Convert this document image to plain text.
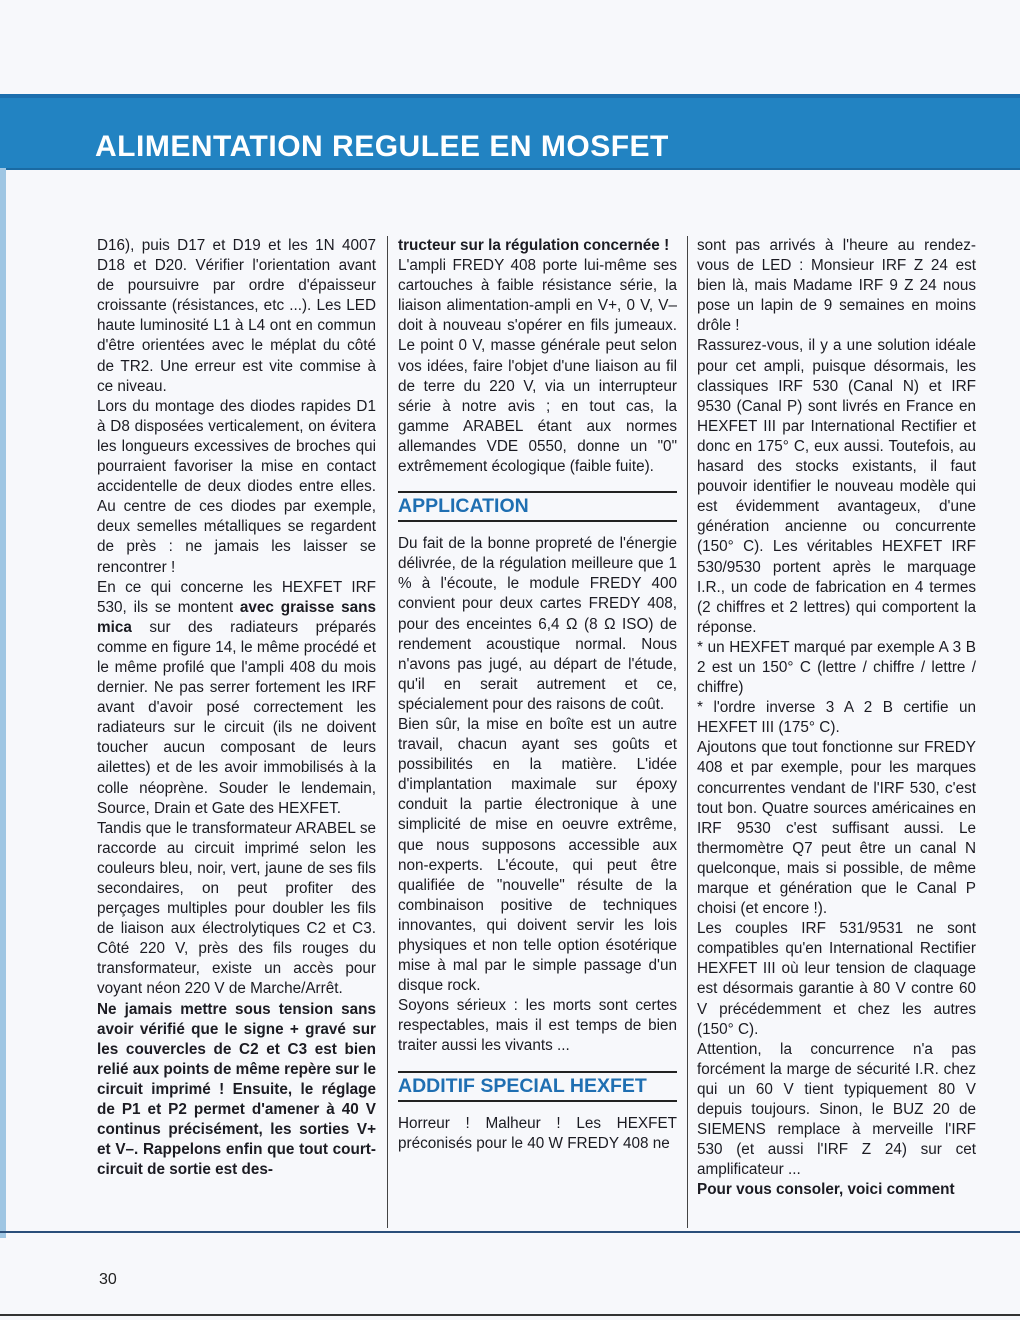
ALIMENTATION REGULEE EN MOSFET

D16), puis D17 et D19 et les 1N 4007 D18 et D20. Vérifier l'orientation avant de poursuivre par ordre d'épaisseur croissante (résistances, etc ...). Les LED haute luminosité L1 à L4 ont en commun d'être orientées avec le méplat du côté de TR2. Une erreur est vite commise à ce niveau.

Lors du montage des diodes rapides D1 à D8 disposées verticalement, on évitera les longueurs excessives de broches qui pourraient favoriser la mise en contact accidentelle de deux diodes entre elles. Au centre de ces diodes par exemple, deux semelles métalliques se regardent de près : ne jamais les laisser se rencontrer !

En ce qui concerne les HEXFET IRF 530, ils se montent avec graisse sans mica sur des radiateurs préparés comme en figure 14, le même procédé et le même profilé que l'ampli 408 du mois dernier. Ne pas serrer fortement les IRF avant d'avoir posé correctement les radiateurs sur le circuit (ils ne doivent toucher aucun composant de leurs ailettes) et de les avoir immobilisés à la colle néoprène. Souder le lendemain, Source, Drain et Gate des HEXFET.

Tandis que le transformateur ARABEL se raccorde au circuit imprimé selon les couleurs bleu, noir, vert, jaune de ses fils secondaires, on peut profiter des perçages multiples pour doubler les fils de liaison aux électrolytiques C2 et C3. Côté 220 V, près des fils rouges du transformateur, existe un accès pour voyant néon 220 V de Marche/Arrêt.

Ne jamais mettre sous tension sans avoir vérifié que le signe + gravé sur les couvercles de C2 et C3 est bien relié aux points de même repère sur le circuit imprimé ! Ensuite, le réglage de P1 et P2 permet d'amener à 40 V continus précisément, les sorties V+ et V–. Rappelons enfin que tout court-circuit de sortie est des-

tructeur sur la régulation concernée !

L'ampli FREDY 408 porte lui-même ses cartouches à faible résistance série, la liaison alimentation-ampli en V+, 0 V, V– doit à nouveau s'opérer en fils jumeaux. Le point 0 V, masse générale peut selon vos idées, faire l'objet d'une liaison au fil de terre du 220 V, via un interrupteur série à notre avis ; en tout cas, la gamme ARABEL étant aux normes allemandes VDE 0550, donne un "0" extrêmement écologique (faible fuite).

APPLICATION

Du fait de la bonne propreté de l'énergie délivrée, de la régulation meilleure que 1 % à l'écoute, le module FREDY 400 convient pour deux cartes FREDY 408, pour des enceintes 6,4 Ω (8 Ω ISO) de rendement acoustique normal. Nous n'avons pas jugé, au départ de l'étude, qu'il en serait autrement et ce, spécialement pour des raisons de coût.

Bien sûr, la mise en boîte est un autre travail, chacun ayant ses goûts et possibilités en la matière. L'idée d'implantation maximale sur époxy conduit la partie électronique à une simplicité de mise en oeuvre extrême, que nous supposons accessible aux non-experts. L'écoute, qui peut être qualifiée de "nouvelle" résulte de la combinaison positive de techniques innovantes, qui doivent servir les lois physiques et non telle option ésotérique mise à mal par le simple passage d'un disque rock.

Soyons sérieux : les morts sont certes respectables, mais il est temps de bien traiter aussi les vivants ...

ADDITIF SPECIAL HEXFET

Horreur ! Malheur ! Les HEXFET préconisés pour le 40 W FREDY 408 ne

sont pas arrivés à l'heure au rendez-vous de LED : Monsieur IRF Z 24 est bien là, mais Madame IRF 9 Z 24 nous pose un lapin de 9 semaines en moins drôle !

Rassurez-vous, il y a une solution idéale pour cet ampli, puisque désormais, les classiques IRF 530 (Canal N) et IRF 9530 (Canal P) sont livrés en France en HEXFET III par International Rectifier et donc en 175° C, eux aussi. Toutefois, au hasard des stocks existants, il faut pouvoir identifier le nouveau modèle qui est évidemment avantageux, d'une génération ancienne ou concurrente (150° C). Les véritables HEXFET IRF 530/9530 portent après le marquage I.R., un code de fabrication en 4 termes (2 chiffres et 2 lettres) qui comportent la réponse.

* un HEXFET marqué par exemple A 3 B 2 est un 150° C (lettre / chiffre / lettre / chiffre)

* l'ordre inverse 3 A 2 B certifie un HEXFET III (175° C).

Ajoutons que tout fonctionne sur FREDY 408 et par exemple, pour les marques concurrentes vendant de l'IRF 530, c'est tout bon. Quatre sources américaines en IRF 9530 c'est suffisant aussi. Le thermomètre Q7 peut être un canal N quelconque, mais si possible, de même marque et génération que le Canal P choisi (et encore !).

Les couples IRF 531/9531 ne sont compatibles qu'en International Rectifier HEXFET III où leur tension de claquage est désormais garantie à 80 V contre 60 V précédemment et chez les autres (150° C).

Attention, la concurrence n'a pas forcément la marge de sécurité I.R. chez qui un 60 V tient typiquement 80 V depuis toujours. Sinon, le BUZ 20 de SIEMENS remplace à merveille l'IRF 530 (et aussi l'IRF Z 24) sur cet amplificateur ...

Pour vous consoler, voici comment

30
